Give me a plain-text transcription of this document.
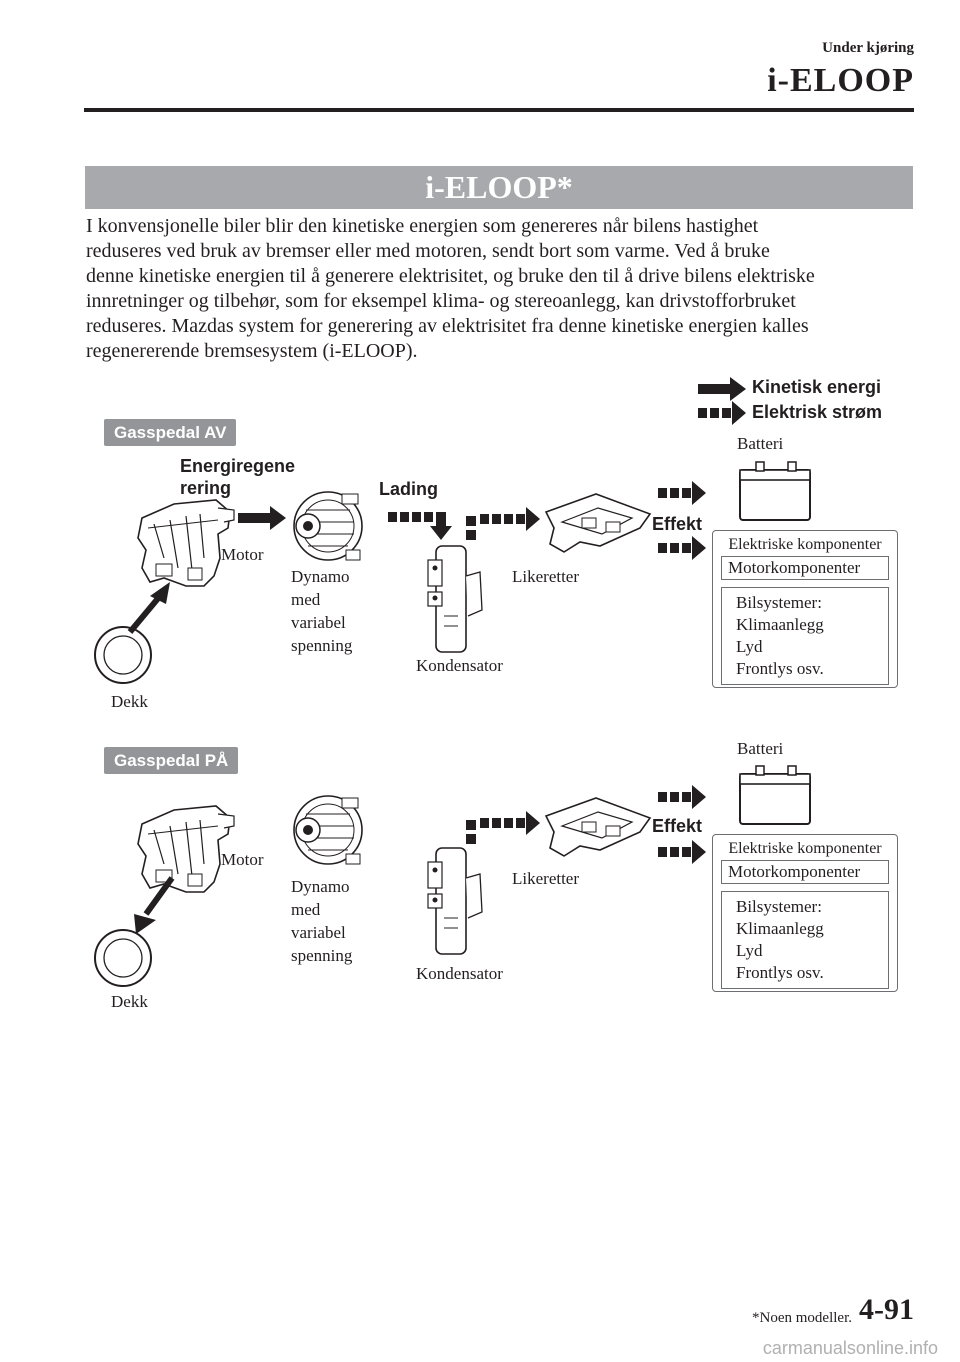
Under kjøring
i-ELOOP
i-ELOOP*

I konvensjonelle biler blir den kinetiske energien som genereres når bilens hastighet

reduseres ved bruk av bremser eller med motoren, sendt bort som varme. Ved å bruke

denne kinetiske energien til å generere elektrisitet, og bruke den til å drive bilens elektriske

innretninger og tilbehør, som for eksempel klima- og stereoanlegg, kan drivstofforbruket

reduseres. Mazdas system for generering av elektrisitet fra denne kinetiske energien kalles

regenererende bremsesystem (i-ELOOP).

Kinetisk energi
Elektrisk strøm
Gasspedal AV
Energiregene
rering	Lading
Motor
Dynamo
med
variabel
spenning
Dekk
Kondensator
Likeretter
Effekt
Batteri
Elektriske komponenter
Motorkomponenter
Bilsystemer:
Klimaanlegg
Lyd
Frontlys osv.
Gasspedal PÅ
Motor
Dynamo
med
variabel
spenning
Dekk
Kondensator
Likeretter
Effekt
Batteri
Elektriske komponenter
Motorkomponenter
Bilsystemer:
Klimaanlegg
Lyd
Frontlys osv.
*Noen modeller. 4-91
carmanualsonline.info
